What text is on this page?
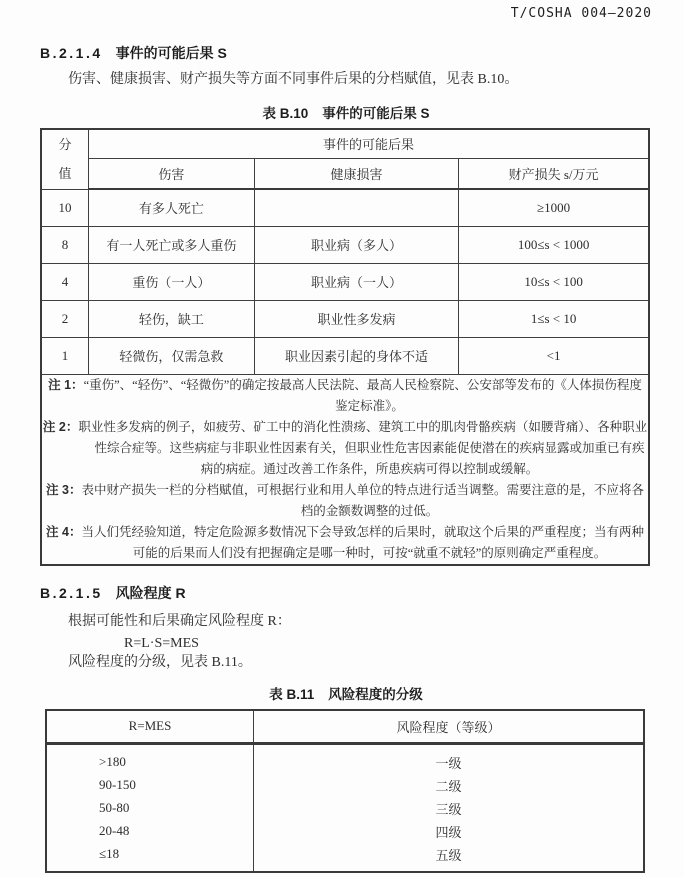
T/COSHA 004—2020
B.2.1.4 事件的可能后果 S

伤害、健康损害、财产损失等方面不同事件后果的分档赋值，见表 B.10。

表 B.10 事件的可能后果 S
分
值	事件的可能后果		
	伤害	健康损害	财产损失 s/万元
10	有多人死亡		≥1000
8	有一人死亡或多人重伤	职业病（多人）	100≤s < 1000
4	重伤（一人）	职业病（一人）	10≤s < 100
2	轻伤，缺工	职业性多发病	1≤s < 10
1	轻微伤，仅需急救	职业因素引起的身体不适	<1

注 1：“重伤”、“轻伤”、“轻微伤”的确定按最高人民法院、最高人民检察院、公安部等发布的《人体损伤程度鉴定标准》。

注 2：职业性多发病的例子，如疲劳、矿工中的消化性溃疡、建筑工中的肌肉骨骼疾病（如腰背痛）、各种职业性综合症等。这些病症与非职业性因素有关，但职业性危害因素能促使潜在的疾病显露或加重已有疾病的病症。通过改善工作条件，所患疾病可得以控制或缓解。

注 3：表中财产损失一栏的分档赋值，可根据行业和用人单位的特点进行适当调整。需要注意的是，不应将各档的金额数调整的过低。

注 4：当人们凭经验知道，特定危险源多数情况下会导致怎样的后果时，就取这个后果的严重程度；当有两种可能的后果而人们没有把握确定是哪一种时，可按“就重不就轻”的原则确定严重程度。			

B.2.1.5 风险程度 R

根据可能性和后果确定风险程度 R：

R=L·S=MES

风险程度的分级，见表 B.11。

表 B.11 风险程度的分级
R=MES	风险程度（等级）
>180	一级
90-150	二级
50-80	三级
20-48	四级
≤18	五级
